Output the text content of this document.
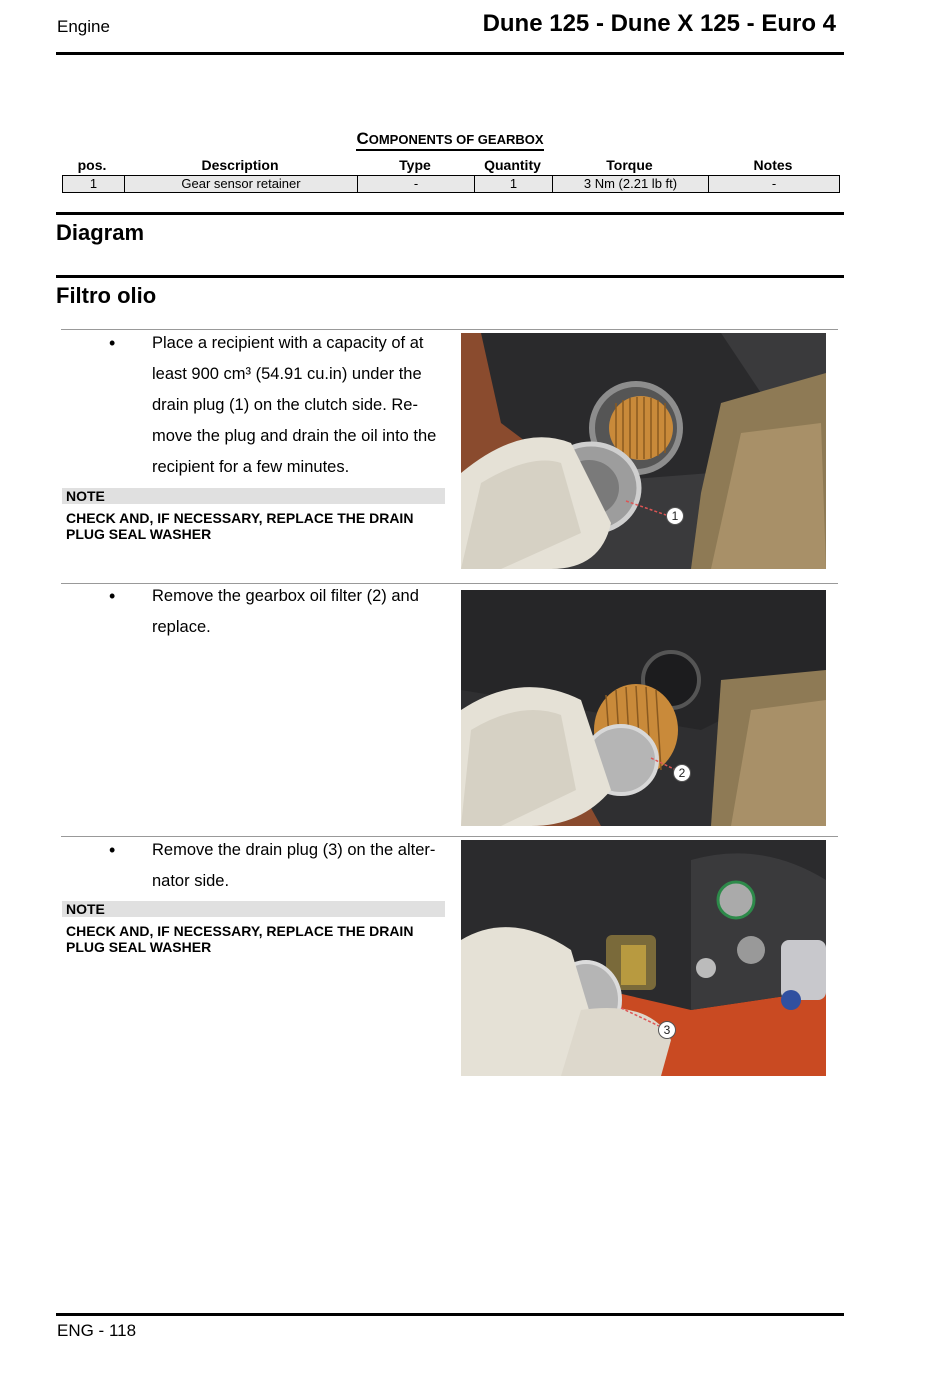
Engine	Dune 125 - Dune X 125 - Euro 4
COMPONENTS OF GEARBOX
pos.	Description	Type	Quantity	Torque	Notes
1	Gear sensor retainer	-	1	3 Nm (2.21 lb ft)	-
Diagram
Filtro olio
• Place a recipient with a capacity of at least 900 cm³ (54.91 cu.in) under the drain plug (1) on the clutch side. Re-move the plug and drain the oil into the recipient for a few minutes.
NOTE
CHECK AND, IF NECESSARY, REPLACE THE DRAIN PLUG SEAL WASHER
1
• Remove the gearbox oil filter (2) and replace.
2
• Remove the drain plug (3) on the alter-nator side.
NOTE
CHECK AND, IF NECESSARY, REPLACE THE DRAIN PLUG SEAL WASHER
3
ENG - 118
